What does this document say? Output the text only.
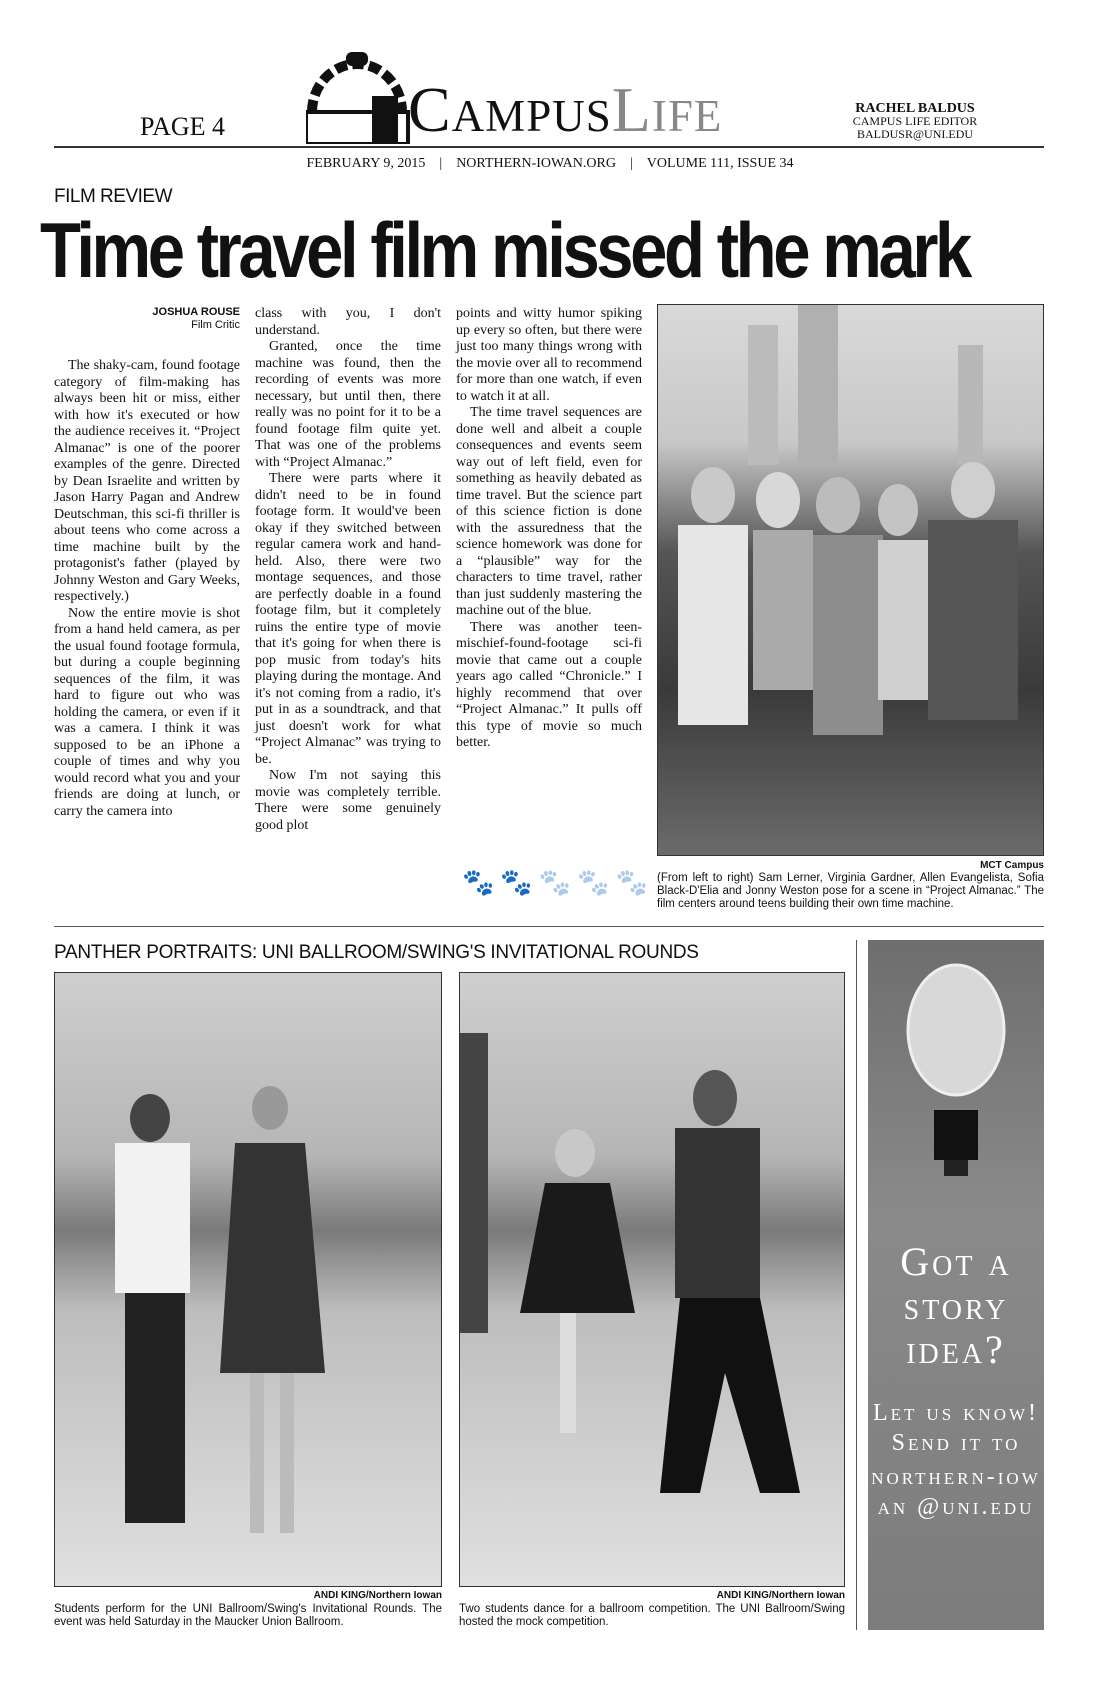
PAGE 4	CampusLife	RACHEL BALDUS
CAMPUS LIFE EDITOR
BALDUSR@UNI.EDU
FEBRUARY 9, 2015 | NORTHERN-IOWAN.ORG | VOLUME 111, ISSUE 34
FILM REVIEW
Time travel film missed the mark
JOSHUA ROUSE
Film Critic

The shaky-cam, found footage category of film-making has always been hit or miss, either with how it's executed or how the audience receives it. “Project Almanac” is one of the poorer examples of the genre. Directed by Dean Israelite and written by Jason Harry Pagan and Andrew Deutschman, this sci-fi thriller is about teens who come across a time machine built by the protagonist's father (played by Johnny Weston and Gary Weeks, respectively.)

Now the entire movie is shot from a hand held camera, as per the usual found footage formula, but during a couple beginning sequences of the film, it was hard to figure out who was holding the camera, or even if it was a camera. I think it was supposed to be an iPhone a couple of times and why you would record what you and your friends are doing at lunch, or carry the camera into

class with you, I don't understand.

Granted, once the time machine was found, then the recording of events was more necessary, but until then, there really was no point for it to be a found footage film quite yet. That was one of the problems with “Project Almanac.”

There were parts where it didn't need to be in found footage form. It would've been okay if they switched between regular camera work and hand-held. Also, there were two montage sequences, and those are perfectly doable in a found footage film, but it completely ruins the entire type of movie that it's going for when there is pop music from today's hits playing during the montage. And it's not coming from a radio, it's put in as a soundtrack, and that just doesn't work for what “Project Almanac” was trying to be.

Now I'm not saying this movie was completely terrible. There were some genuinely good plot

points and witty humor spiking up every so often, but there were just too many things wrong with the movie over all to recommend for more than one watch, if even to watch it at all.

The time travel sequences are done well and albeit a couple consequences and events seem way out of left field, even for something as heavily debated as time travel. But the science part of this science fiction is done with the assuredness that the science homework was done for a “plausible” way for the characters to time travel, rather than just suddenly mastering the machine out of the blue.

There was another teen-mischief-found-footage sci-fi movie that came out a couple years ago called “Chronicle.” I highly recommend that over “Project Almanac.” It pulls off this type of movie so much better.

🐾 🐾 🐾 🐾 🐾
MCT Campus
(From left to right) Sam Lerner, Virginia Gardner, Allen Evangelista, Sofia Black-D'Elia and Jonny Weston pose for a scene in “Project Almanac.” The film centers around teens building their own time machine.
PANTHER PORTRAITS: UNI BALLROOM/SWING'S INVITATIONAL ROUNDS
ANDI KING/Northern Iowan
Students perform for the UNI Ballroom/Swing's Invitational Rounds. The event was held Saturday in the Maucker Union Ballroom.
ANDI KING/Northern Iowan
Two students dance for a ballroom competition. The UNI Ballroom/Swing hosted the mock competition.
Got a story idea?
Let us know! Send it to
northern-iowan @uni.edu
